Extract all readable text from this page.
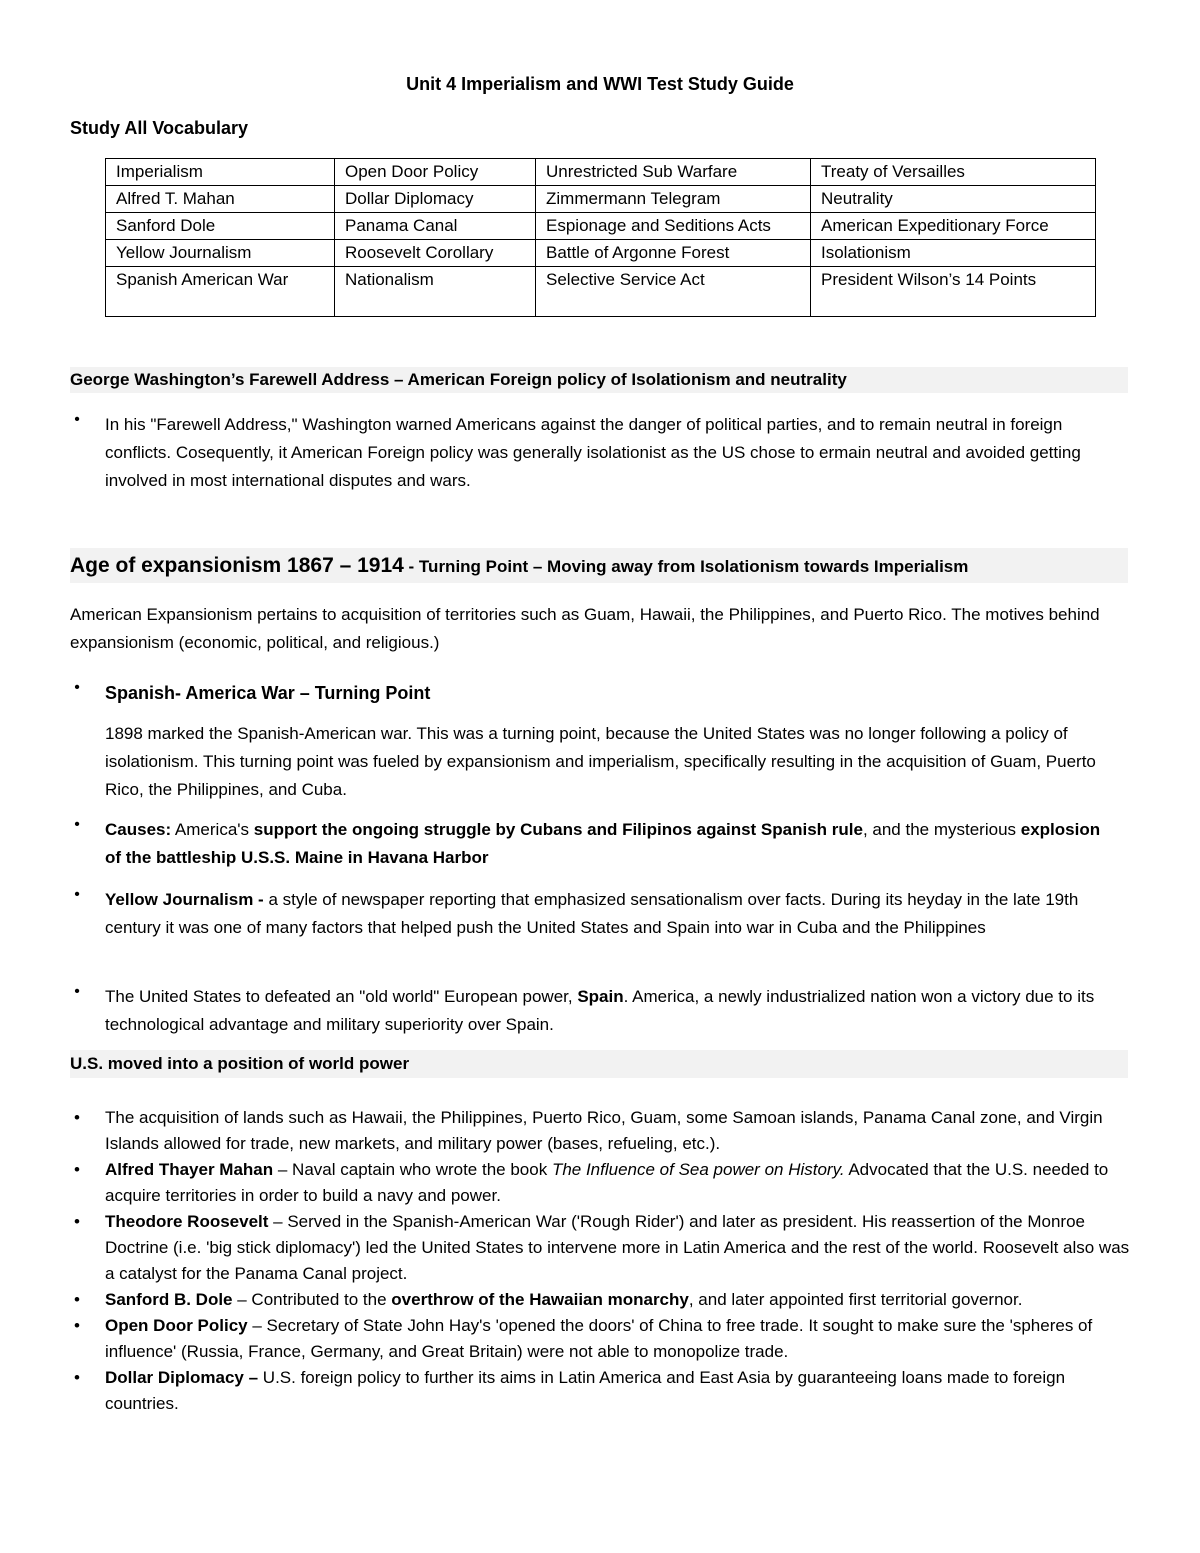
Unit 4 Imperialism and WWI Test Study Guide
Study All Vocabulary
Imperialism	Open Door Policy	Unrestricted Sub Warfare	Treaty of Versailles
Alfred T. Mahan	Dollar Diplomacy	Zimmermann Telegram	Neutrality
Sanford Dole	Panama Canal	Espionage and Seditions Acts	American Expeditionary Force
Yellow Journalism	Roosevelt Corollary	Battle of Argonne Forest	Isolationism
Spanish American War	Nationalism	Selective Service Act	President Wilson’s 14 Points
George Washington’s Farewell Address – American Foreign policy of Isolationism and neutrality
• In his "Farewell Address," Washington warned Americans against the danger of political parties, and to remain neutral in foreign conflicts. Cosequently, it American Foreign policy was generally isolationist as the US chose to ermain neutral and avoided getting involved in most international disputes and wars.
Age of expansionism 1867 – 1914 - Turning Point – Moving away from Isolationism towards Imperialism
American Expansionism pertains to acquisition of territories such as Guam, Hawaii, the Philippines, and Puerto Rico. The motives behind expansionism (economic, political, and religious.)
• Spanish- America War – Turning Point
1898 marked the Spanish-American war. This was a turning point, because the United States was no longer following a policy of isolationism. This turning point was fueled by expansionism and imperialism, specifically resulting in the acquisition of Guam, Puerto Rico, the Philippines, and Cuba.
• Causes: America's support the ongoing struggle by Cubans and Filipinos against Spanish rule, and the mysterious explosion of the battleship U.S.S. Maine in Havana Harbor
• Yellow Journalism - a style of newspaper reporting that emphasized sensationalism over facts. During its heyday in the late 19th century it was one of many factors that helped push the United States and Spain into war in Cuba and the Philippines
• The United States to defeated an "old world" European power, Spain. America, a newly industrialized nation won a victory due to its technological advantage and military superiority over Spain.
U.S. moved into a position of world power
• The acquisition of lands such as Hawaii, the Philippines, Puerto Rico, Guam, some Samoan islands, Panama Canal zone, and Virgin Islands allowed for trade, new markets, and military power (bases, refueling, etc.).
• Alfred Thayer Mahan – Naval captain who wrote the book The Influence of Sea power on History. Advocated that the U.S. needed to acquire territories in order to build a navy and power.
• Theodore Roosevelt – Served in the Spanish-American War ('Rough Rider') and later as president. His reassertion of the Monroe Doctrine (i.e. 'big stick diplomacy') led the United States to intervene more in Latin America and the rest of the world. Roosevelt also was a catalyst for the Panama Canal project.
• Sanford B. Dole – Contributed to the overthrow of the Hawaiian monarchy, and later appointed first territorial governor.
• Open Door Policy – Secretary of State John Hay's 'opened the doors' of China to free trade. It sought to make sure the 'spheres of influence' (Russia, France, Germany, and Great Britain) were not able to monopolize trade.
• Dollar Diplomacy – U.S. foreign policy to further its aims in Latin America and East Asia by guaranteeing loans made to foreign countries.
